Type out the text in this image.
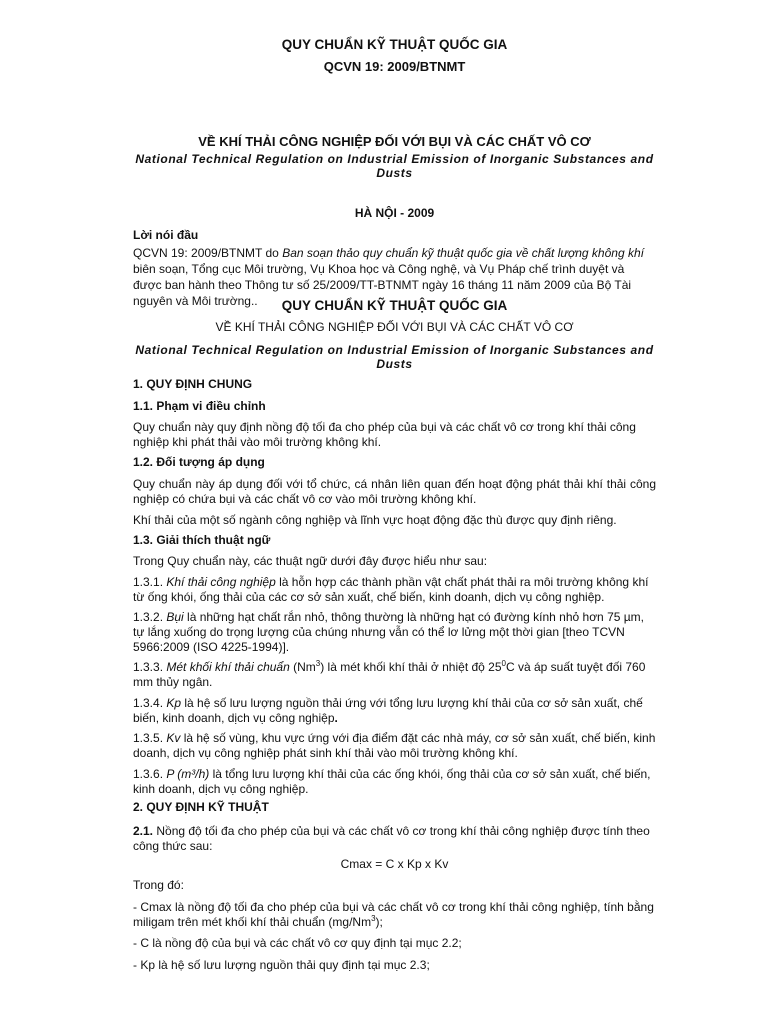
QUY CHUẨN KỸ THUẬT QUỐC GIA
QCVN 19: 2009/BTNMT
VỀ KHÍ THẢI CÔNG NGHIỆP ĐỐI VỚI BỤI VÀ CÁC CHẤT VÔ CƠ
National Technical Regulation on Industrial Emission of Inorganic Substances and
Dusts
HÀ NỘI - 2009
Lời nói đầu

QCVN 19: 2009/BTNMT do Ban soạn thảo quy chuẩn kỹ thuật quốc gia về chất lượng không khí biên soạn, Tổng cục Môi trường, Vụ Khoa học và Công nghệ, và Vụ Pháp chế trình duyệt và được ban hành theo Thông tư số 25/2009/TT-BTNMT ngày 16 tháng 11 năm 2009 của Bộ Tài nguyên và Môi trường..	QUY CHUẨN KỸ THUẬT QUỐC GIA
VỀ KHÍ THẢI CÔNG NGHIỆP ĐỐI VỚI BỤI VÀ CÁC CHẤT VÔ CƠ
National Technical Regulation on Industrial Emission of Inorganic Substances and
Dusts
1. QUY ĐỊNH CHUNG
1.1. Phạm vi điều chỉnh

Quy chuẩn này quy định nồng độ tối đa cho phép của bụi và các chất vô cơ trong khí thải công nghiệp khi phát thải vào môi trường không khí.

1.2. Đối tượng áp dụng

Quy chuẩn này áp dụng đối với tổ chức, cá nhân liên quan đến hoạt động phát thải khí thải công nghiệp có chứa bụi và các chất vô cơ vào môi trường không khí.

Khí thải của một số ngành công nghiệp và lĩnh vực hoạt động đặc thù được quy định riêng.

1.3. Giải thích thuật ngữ

Trong Quy chuẩn này, các thuật ngữ dưới đây được hiểu như sau:

1.3.1. Khí thải công nghiệp là hỗn hợp các thành phần vật chất phát thải ra môi trường không khí từ ống khói, ống thải của các cơ sở sản xuất, chế biến, kinh doanh, dịch vụ công nghiệp.

1.3.2. Bụi là những hạt chất rắn nhỏ, thông thường là những hạt có đường kính nhỏ hơn 75 µm, tự lắng xuống do trọng lượng của chúng nhưng vẫn có thể lơ lửng một thời gian [theo TCVN 5966:2009 (ISO 4225-1994)].

1.3.3. Mét khối khí thải chuẩn (Nm$^3$) là mét khối khí thải ở nhiệt độ $25^0C$ và áp suất tuyệt đối 760 mm thủy ngân.

1.3.4. Kp là hệ số lưu lượng nguồn thải ứng với tổng lưu lượng khí thải của cơ sở sản xuất, chế biến, kinh doanh, dịch vụ công nghiệp.

1.3.5. Kv là hệ số vùng, khu vực ứng với địa điểm đặt các nhà máy, cơ sở sản xuất, chế biến, kinh doanh, dịch vụ công nghiệp phát sinh khí thải vào môi trường không khí.

1.3.6. P (m³/h) là tổng lưu lượng khí thải của các ống khói, ống thải của cơ sở sản xuất, chế biến, kinh doanh, dịch vụ công nghiệp.

2. QUY ĐỊNH KỸ THUẬT

2.1. Nồng độ tối đa cho phép của bụi và các chất vô cơ trong khí thải công nghiệp được tính theo công thức sau:

Cmax = C x Kp x Kv
Trong đó:

- Cmax là nồng độ tối đa cho phép của bụi và các chất vô cơ trong khí thải công nghiệp, tính bằng miligam trên mét khối khí thải chuẩn (mg/Nm$^3$);

- C là nồng độ của bụi và các chất vô cơ quy định tại mục 2.2;

- Kp là hệ số lưu lượng nguồn thải quy định tại mục 2.3;
